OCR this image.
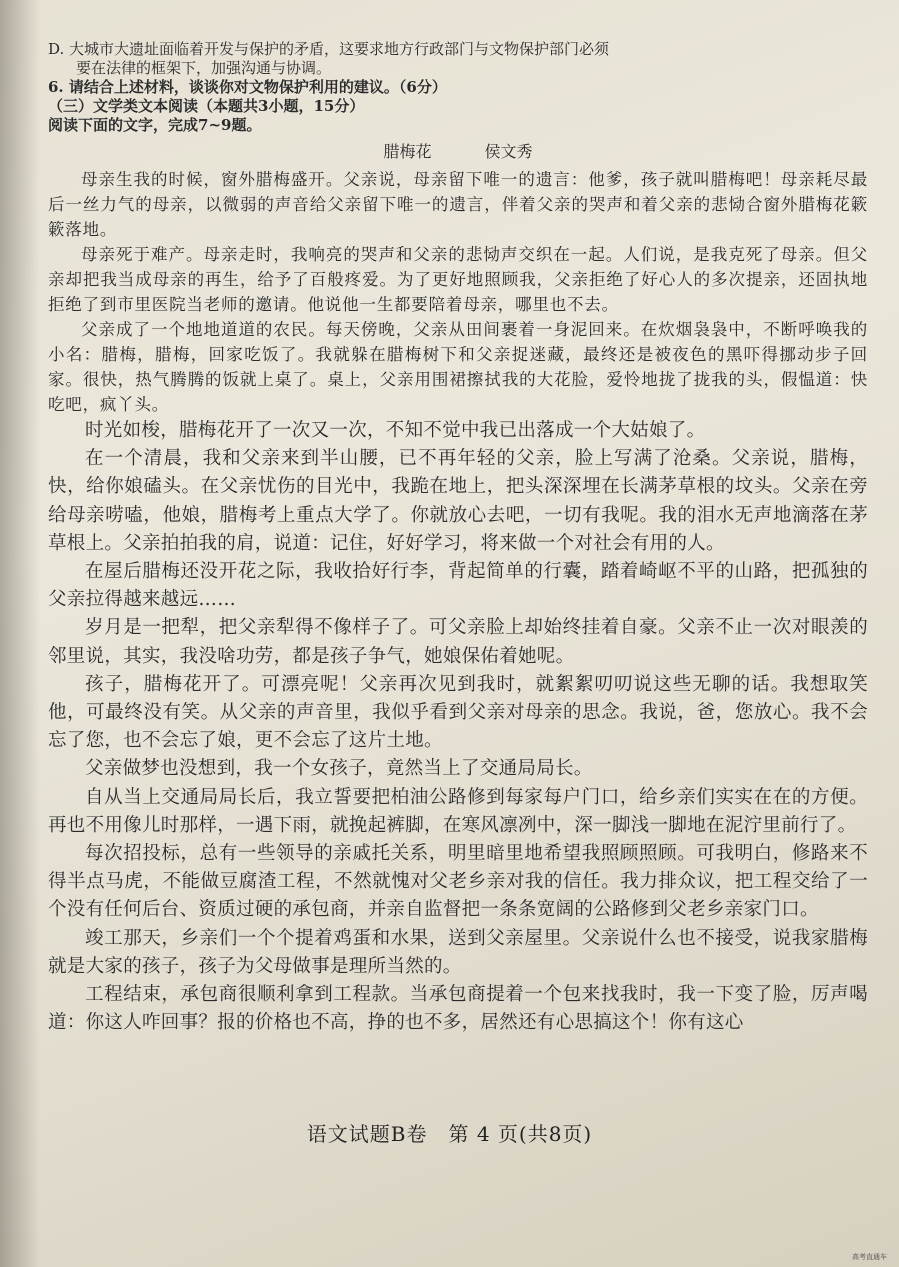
D. 大城市大遗址面临着开发与保护的矛盾，这要求地方行政部门与文物保护部门必须

要在法律的框架下，加强沟通与协调。

6. 请结合上述材料，谈谈你对文物保护利用的建议。（6分）

（三）文学类文本阅读（本题共3小题，15分）

阅读下面的文字，完成7~9题。

腊梅花	侯文秀

母亲生我的时候，窗外腊梅盛开。父亲说，母亲留下唯一的遗言：他爹，孩子就叫腊梅吧！母亲耗尽最后一丝力气的母亲，以微弱的声音给父亲留下唯一的遗言，伴着父亲的哭声和着父亲的悲恸合窗外腊梅花簌簌落地。

母亲死于难产。母亲走时，我响亮的哭声和父亲的悲恸声交织在一起。人们说，是我克死了母亲。但父亲却把我当成母亲的再生，给予了百般疼爱。为了更好地照顾我，父亲拒绝了好心人的多次提亲，还固执地拒绝了到市里医院当老师的邀请。他说他一生都要陪着母亲，哪里也不去。

父亲成了一个地地道道的农民。每天傍晚，父亲从田间裹着一身泥回来。在炊烟袅袅中，不断呼唤我的小名：腊梅，腊梅，回家吃饭了。我就躲在腊梅树下和父亲捉迷藏，最终还是被夜色的黑吓得挪动步子回家。很快，热气腾腾的饭就上桌了。桌上，父亲用围裙擦拭我的大花脸，爱怜地拢了拢我的头，假愠道：快吃吧，疯丫头。

时光如梭，腊梅花开了一次又一次，不知不觉中我已出落成一个大姑娘了。

在一个清晨，我和父亲来到半山腰，已不再年轻的父亲，脸上写满了沧桑。父亲说，腊梅，快，给你娘磕头。在父亲忧伤的目光中，我跪在地上，把头深深埋在长满茅草根的坟头。父亲在旁给母亲唠嗑，他娘，腊梅考上重点大学了。你就放心去吧，一切有我呢。我的泪水无声地滴落在茅草根上。父亲拍拍我的肩，说道：记住，好好学习，将来做一个对社会有用的人。

在屋后腊梅还没开花之际，我收拾好行李，背起简单的行囊，踏着崎岖不平的山路，把孤独的父亲拉得越来越远……

岁月是一把犁，把父亲犁得不像样子了。可父亲脸上却始终挂着自豪。父亲不止一次对眼羡的邻里说，其实，我没啥功劳，都是孩子争气，她娘保佑着她呢。

孩子，腊梅花开了。可漂亮呢！父亲再次见到我时，就絮絮叨叨说这些无聊的话。我想取笑他，可最终没有笑。从父亲的声音里，我似乎看到父亲对母亲的思念。我说，爸，您放心。我不会忘了您，也不会忘了娘，更不会忘了这片土地。

父亲做梦也没想到，我一个女孩子，竟然当上了交通局局长。

自从当上交通局局长后，我立誓要把柏油公路修到每家每户门口，给乡亲们实实在在的方便。再也不用像儿时那样，一遇下雨，就挽起裤脚，在寒风凛冽中，深一脚浅一脚地在泥泞里前行了。

每次招投标，总有一些领导的亲戚托关系，明里暗里地希望我照顾照顾。可我明白，修路来不得半点马虎，不能做豆腐渣工程，不然就愧对父老乡亲对我的信任。我力排众议，把工程交给了一个没有任何后台、资质过硬的承包商，并亲自监督把一条条宽阔的公路修到父老乡亲家门口。

竣工那天，乡亲们一个个提着鸡蛋和水果，送到父亲屋里。父亲说什么也不接受，说我家腊梅就是大家的孩子，孩子为父母做事是理所当然的。

工程结束，承包商很顺利拿到工程款。当承包商提着一个包来找我时，我一下变了脸，厉声喝道：你这人咋回事？报的价格也不高，挣的也不多，居然还有心思搞这个！你有这心

语文试题B卷　第 4 页(共8页)
高考直通车
